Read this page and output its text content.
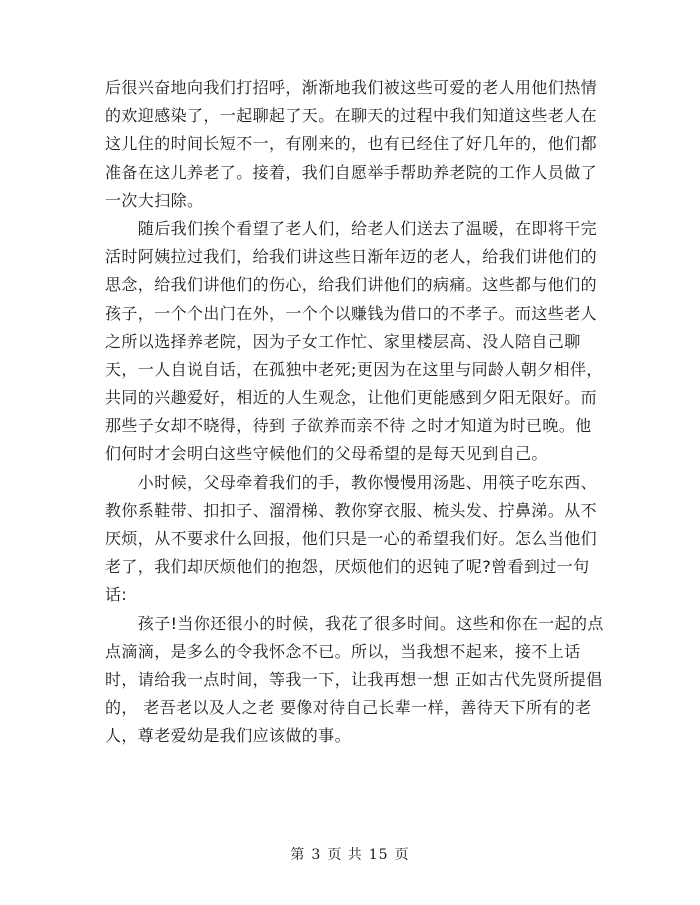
后很兴奋地向我们打招呼，渐渐地我们被这些可爱的老人用他们热情
的欢迎感染了，一起聊起了天。在聊天的过程中我们知道这些老人在
这儿住的时间长短不一，有刚来的，也有已经住了好几年的，他们都
准备在这儿养老了。接着，我们自愿举手帮助养老院的工作人员做了
一次大扫除。

　　随后我们挨个看望了老人们，给老人们送去了温暖，在即将干完
活时阿姨拉过我们，给我们讲这些日渐年迈的老人，给我们讲他们的
思念，给我们讲他们的伤心，给我们讲他们的病痛。这些都与他们的
孩子，一个个出门在外，一个个以赚钱为借口的不孝子。而这些老人
之所以选择养老院，因为子女工作忙、家里楼层高、没人陪自己聊
天，一人自说自话，在孤独中老死;更因为在这里与同龄人朝夕相伴，
共同的兴趣爱好，相近的人生观念，让他们更能感到夕阳无限好。而
那些子女却不晓得，待到 子欲养而亲不待 之时才知道为时已晚。他
们何时才会明白这些守候他们的父母希望的是每天见到自己。

　　小时候，父母牵着我们的手，教你慢慢用汤匙、用筷子吃东西、
教你系鞋带、扣扣子、溜滑梯、教你穿衣服、梳头发、拧鼻涕。从不
厌烦，从不要求什么回报，他们只是一心的希望我们好。怎么当他们
老了，我们却厌烦他们的抱怨，厌烦他们的迟钝了呢?曾看到过一句
话:

　　孩子!当你还很小的时候，我花了很多时间。这些和你在一起的点
点滴滴，是多么的令我怀念不已。所以，当我想不起来，接不上话
时，请给我一点时间，等我一下，让我再想一想 正如古代先贤所提倡
的， 老吾老以及人之老 要像对待自己长辈一样，善待天下所有的老
人，尊老爱幼是我们应该做的事。

第 3 页 共 15 页
